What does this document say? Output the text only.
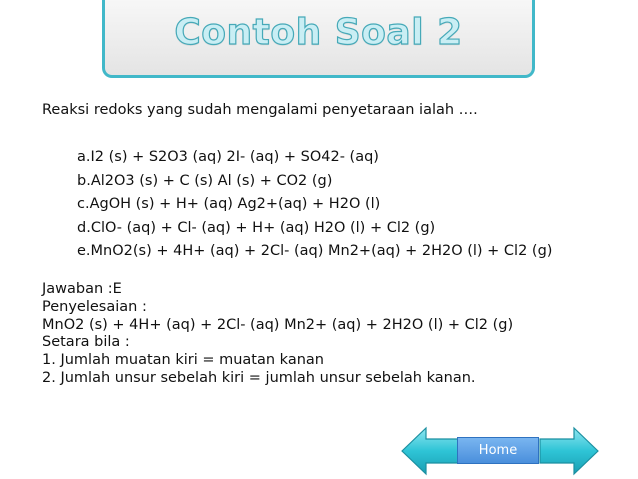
Contoh Soal 2
Reaksi redoks yang sudah mengalami penyetaraan ialah ….
a.I2 (s) + S2O3 (aq) 2I- (aq) + SO42- (aq)
b.Al2O3 (s) + C (s) Al (s) + CO2 (g)
c.AgOH (s) + H+ (aq) Ag2+(aq) + H2O (l)
d.ClO- (aq) + Cl- (aq) + H+ (aq) H2O (l) + Cl2 (g)
e.MnO2(s) + 4H+ (aq) + 2Cl- (aq) Mn2+(aq) + 2H2O (l) + Cl2 (g)
Jawaban :E
Penyelesaian :
MnO2 (s) + 4H+ (aq) + 2Cl- (aq) Mn2+ (aq) + 2H2O (l) + Cl2 (g)
Setara bila :
1. Jumlah muatan kiri = muatan kanan
2. Jumlah unsur sebelah kiri = jumlah unsur sebelah kanan.
Home
